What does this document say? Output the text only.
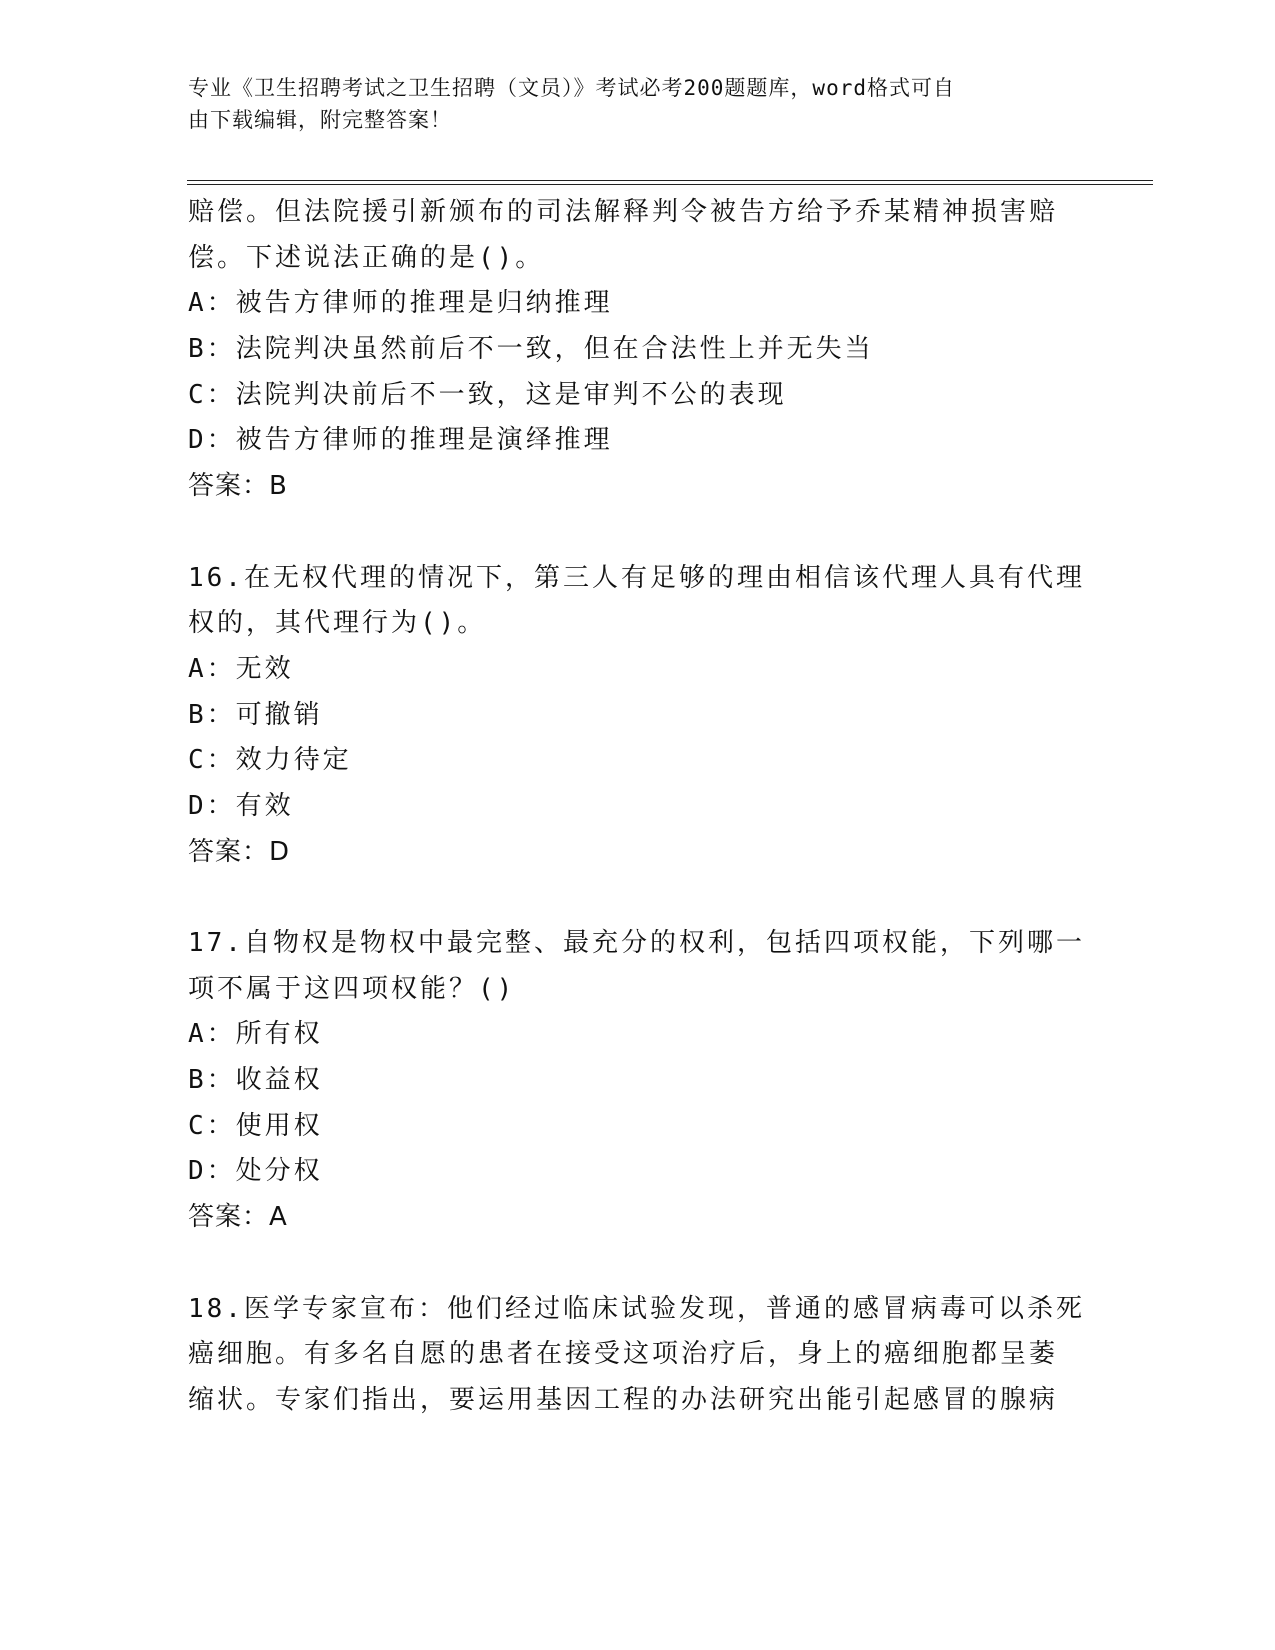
专业《卫生招聘考试之卫生招聘（文员）》考试必考200题题库，word格式可自
由下载编辑，附完整答案！
赔偿。但法院援引新颁布的司法解释判令被告方给予乔某精神损害赔
偿。下述说法正确的是()。
A：被告方律师的推理是归纳推理
B：法院判决虽然前后不一致，但在合法性上并无失当
C：法院判决前后不一致，这是审判不公的表现
D：被告方律师的推理是演绎推理
答案：B
16.在无权代理的情况下，第三人有足够的理由相信该代理人具有代理
权的，其代理行为()。
A：无效
B：可撤销
C：效力待定
D：有效
答案：D
17.自物权是物权中最完整、最充分的权利，包括四项权能，下列哪一
项不属于这四项权能？()
A：所有权
B：收益权
C：使用权
D：处分权
答案：A
18.医学专家宣布：他们经过临床试验发现，普通的感冒病毒可以杀死
癌细胞。有多名自愿的患者在接受这项治疗后，身上的癌细胞都呈萎
缩状。专家们指出，要运用基因工程的办法研究出能引起感冒的腺病
